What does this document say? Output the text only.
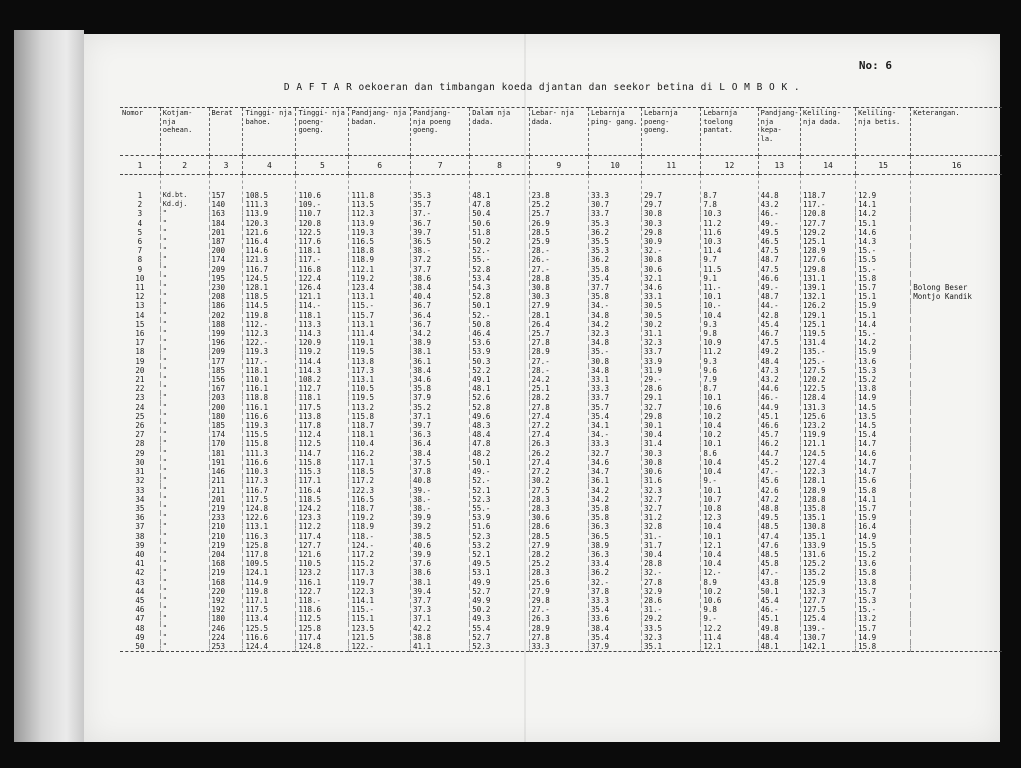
No: 6
D A F T A R oekoeran dan timbangan koeda djantan dan seekor betina di L O M B O K .
Nomor	Kotjam- nja oehean.	Berat	Tinggi- nja bahoe.	Tinggi- nja poeng- goeng.	Pandjang- nja badan.	Pandjang- nja poeng goeng.	Dalam nja dada.	Lebar- nja dada.	Lebarnja ping- gang.	Lebarnja poeng- goeng.	Lebarnja toelong pantat.	Pandjang- nja kepa- la.	Keliling- nja dada.	Keliling- nja betis.	Keterangan.
1	2	3	4	5	6	7	8	9	10	11	12	13	14	15	16
1	Kd.bt.	157	108.5	110.6	111.8	35.3	48.1	23.8	33.3	29.7	8.7	44.8	118.7	12.9	
2	Kd.dj.	140	111.3	109.-	113.5	35.7	47.8	25.2	30.7	29.7	7.8	43.2	117.-	14.1	
3	"	163	113.9	110.7	112.3	37.-	50.4	25.7	33.7	30.8	10.3	46.-	120.8	14.2	
4	"	184	120.3	120.8	113.9	36.7	50.6	26.9	35.3	30.3	11.2	49.-	127.7	15.1	
5	"	201	121.6	122.5	119.3	39.7	51.8	28.5	36.2	29.8	11.6	49.5	129.2	14.6	
6	"	187	116.4	117.6	116.5	36.5	50.2	25.9	35.5	30.9	10.3	46.5	125.1	14.3	
7	"	200	114.6	118.1	118.8	38.-	52.-	28.-	35.3	32.-	11.4	47.5	128.9	15.-	
8	"	174	121.3	117.-	118.9	37.2	55.-	26.-	36.2	30.8	9.7	48.7	127.6	15.5	
9	"	209	116.7	116.8	112.1	37.7	52.8	27.-	35.8	30.6	11.5	47.5	129.8	15.-	
10	"	195	124.5	122.4	119.2	38.6	53.4	28.8	35.4	32.1	9.1	46.6	131.1	15.8	
11	"	230	128.1	126.4	123.4	38.4	54.3	30.8	37.7	34.6	11.-	49.-	139.1	15.7	Bolong Beser
12	"	208	118.5	121.1	113.1	40.4	52.8	30.3	35.8	33.1	10.1	48.7	132.1	15.1	Montjo Kandik
13	"	186	114.5	114.-	115.-	36.7	50.1	27.9	34.-	30.5	10.-	44.-	126.2	15.9	
14	"	202	119.8	118.1	115.7	36.4	52.-	28.1	34.8	30.5	10.4	42.8	129.1	15.1	
15	"	188	112.-	113.3	113.1	36.7	50.8	26.4	34.2	30.2	9.3	45.4	125.1	14.4	
16	"	199	112.3	114.3	111.4	34.2	46.4	25.7	32.3	31.1	9.8	46.7	119.5	15.-	
17	"	196	122.-	120.9	119.1	38.9	53.6	27.8	34.8	32.3	10.9	47.5	131.4	14.2	
18	"	209	119.3	119.2	119.5	38.1	53.9	28.9	35.-	33.7	11.2	49.2	135.-	15.9	
19	"	177	117.-	114.4	113.8	36.1	50.3	27.-	30.8	33.9	9.3	48.4	125.-	13.6	
20	"	185	118.1	114.3	117.3	38.4	52.2	28.-	34.8	31.9	9.6	47.3	127.5	15.3	
21	"	156	110.1	108.2	113.1	34.6	49.1	24.2	33.1	29.-	7.9	43.2	120.2	15.2	
22	"	167	116.1	112.7	110.5	35.8	48.1	25.1	33.3	28.6	8.7	44.6	122.5	13.8	
23	"	203	118.8	118.1	119.5	37.9	52.6	28.2	33.7	29.1	10.1	46.-	128.4	14.9	
24	"	200	116.1	117.5	113.2	35.2	52.8	27.8	35.7	32.7	10.6	44.9	131.3	14.5	
25	"	180	116.6	113.8	115.8	37.1	49.6	27.4	35.4	29.8	10.2	45.1	125.6	13.5	
26	"	185	119.3	117.8	118.7	39.7	48.3	27.2	34.1	30.1	10.4	46.6	123.2	14.5	
27	"	174	115.5	112.4	118.1	36.3	48.4	27.4	34.-	30.4	10.2	45.7	119.9	15.4	
28	"	170	115.8	112.5	110.4	36.4	47.8	26.3	33.3	31.4	10.1	46.2	121.1	14.7	
29	"	181	111.3	114.7	116.2	38.4	48.2	26.2	32.7	30.3	8.6	44.7	124.5	14.6	
30	"	191	116.6	115.8	117.1	37.5	50.1	27.4	34.6	30.8	10.4	45.2	127.4	14.7	
31	"	146	110.3	115.3	118.5	37.8	49.-	27.2	34.7	30.6	10.4	47.-	122.3	14.7	
32	"	211	117.3	117.1	117.2	40.8	52.-	30.2	36.1	31.6	9.-	45.6	128.1	15.6	
33	"	211	116.7	116.4	122.3	39.-	52.1	27.5	34.2	32.3	10.1	42.6	128.9	15.8	
34	"	201	117.5	118.5	116.5	38.-	52.3	28.3	34.2	32.7	10.7	47.2	128.8	14.1	
35	"	219	124.8	124.2	118.7	38.-	55.-	28.3	35.8	32.7	10.8	48.8	135.8	15.7	
36	"	233	122.6	123.3	119.2	39.9	53.9	30.6	35.8	31.2	12.3	49.5	135.1	15.9	
37	"	210	113.1	112.2	118.9	39.2	51.6	28.6	36.3	32.8	10.4	48.5	130.8	16.4	
38	"	210	116.3	117.4	118.-	38.5	52.3	28.5	36.5	31.-	10.1	47.4	135.1	14.9	
39	"	219	125.8	127.7	124.-	40.6	53.2	27.9	38.9	31.7	12.1	47.6	133.9	15.5	
40	"	204	117.8	121.6	117.2	39.9	52.1	28.2	36.3	30.4	10.4	48.5	131.6	15.2	
41	"	168	109.5	110.5	115.2	37.6	49.5	25.2	33.4	28.8	10.4	45.8	125.2	13.6	
42	"	219	124.1	123.2	117.3	38.6	53.1	28.3	36.2	32.-	12.-	47.-	135.2	15.8	
43	"	168	114.9	116.1	119.7	38.1	49.9	25.6	32.-	27.8	8.9	43.8	125.9	13.8	
44	"	220	119.8	122.7	122.3	39.4	52.7	27.9	37.8	32.9	10.2	50.1	132.3	15.7	
45	"	192	117.1	118.-	114.1	37.7	49.9	29.8	33.3	28.6	10.6	45.4	127.7	15.3	
46	"	192	117.5	118.6	115.-	37.3	50.2	27.-	35.4	31.-	9.8	46.-	127.5	15.-	
47	"	180	113.4	112.5	115.1	37.1	49.3	26.3	33.6	29.2	9.-	45.1	125.4	13.2	
48	"	246	125.5	125.8	123.5	42.2	55.4	28.9	38.4	33.5	12.2	49.8	139.-	15.7	
49	"	224	116.6	117.4	121.5	38.8	52.7	27.8	35.4	32.3	11.4	48.4	130.7	14.9	
50	"	253	124.4	124.8	122.-	41.1	52.3	33.3	37.9	35.1	12.1	48.1	142.1	15.8	
